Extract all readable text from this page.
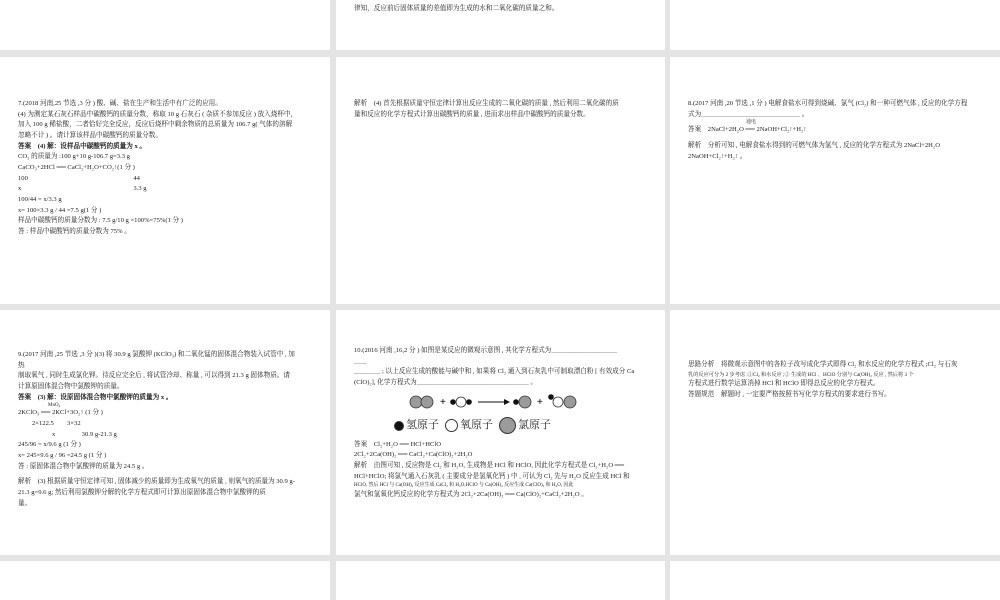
律知，反应前后固体质量的差值即为生成的水和二氧化碳的质量之和。
7.(2018 河南,25 节选 ,3 分 ) 酸、碱、盐在生产和生活中有广泛的应用。
(4) 为测定某石灰石样品中碳酸钙的质量分数，称取 10 g 石灰石 ( 杂质不参加反应 ) 放入烧杯中，
加入 100 g 稀盐酸，二者恰好完全反应，反应后烧杯中剩余物质的总质量为 106.7 g( 气体的溶解
忽略不计 ) 。请计算该样品中碳酸钙的质量分数。
答案　(4) 解：设样品中碳酸钙的质量为 x 。
CO₂ 的质量为 :100 g+10 g-106.7 g=3.3 g
CaCO₃+2HCl ══ CaCl₂+H₂O+CO₂↑(1 分 )
100　　　　　　　　　　　　　　　　44
x　　　　　　　　　　　　　　　　　3.3 g
100/44 = x/3.3 g
x= 100×3.3 g / 44 =7.5 g(1 分 )
样品中碳酸钙的质量分数为 : 7.5 g/10 g ×100%=75%(1 分 )
答 : 样品中碳酸钙的质量分数为 75% 。
解析　(4) 首先根据质量守恒定律计算出反应生成的二氧化碳的质量 , 然后利用二氧化碳的质
量和反应的化学方程式计算出碳酸钙的质量 , 进而求出样品中碳酸钙的质量分数。
8.(2017 河南 ,20 节选 ,1 分 ) 电解食盐水可得到烧碱、氯气 (Cl₂) 和一种可燃气体 , 反应的化学方程
式为＿＿＿＿＿＿＿＿＿＿＿＿＿＿＿ 。
通电
答案　2NaCl+2H₂O ══ 2NaOH+Cl₂↑+H₂↑
解析　分析可知 , 电解食盐水得到的可燃气体为氢气 , 反应的化学方程式为 2NaCl+2H₂O
2NaOH+Cl₂↑+H₂↑ 。
9.(2017 河南 ,25 节选 ,3 分 )(3) 将 30.9 g 氯酸钾 (KClO₃) 和二氧化锰的固体混合物装入试管中 , 加
热
制取氧气 , 同时生成氯化钾。待反应完全后 , 将试管冷却、称量 , 可以得到 21.3 g 固体物质。请
计算原固体混合物中氯酸钾的质量。
答案　(3) 解：设原固体混合物中氯酸钾的质量为 x 。
MnO₂
2KClO₃ ══ 2KCl+3O₂↑ (1 分 )
2×122.5　　3×32
x　　　　30.9 g-21.3 g
245/96 = x/9.6 g (1 分 )
x= 245×9.6 g / 96 =24.5 g (1 分 )
答 : 原固体混合物中氯酸钾的质量为 24.5 g 。
解析　(3) 根据质量守恒定律可知 , 固体减少的质量即为生成氧气的质量 , 则氧气的质量为 30.9 g-
21.3 g=9.6 g; 然后利用氯酸钾分解的化学方程式即可计算出原固体混合物中氯酸钾的质
量。
10.(2016 河南 ,16,2 分 ) 如图是某反应的微观示意图 , 其化学方程式为＿＿＿＿＿＿＿＿＿＿
＿＿
＿＿＿＿ ; 以上反应生成的酸能与碱中和 , 如果将 Cl₂ 通入到石灰乳中可制取漂白粉 [ 有效成分 Ca
(ClO)₂], 化学方程式为＿＿＿＿＿＿＿＿＿＿＿＿＿＿＿＿＿ 。
+	+
氢原子 氧原子 氯原子
答案　Cl₂+H₂O ══ HCl+HClO
2Cl₂+2Ca(OH)₂ ══ CaCl₂+Ca(ClO)₂+2H₂O
解析　由图可知 , 反应物是 Cl₂ 和 H₂O, 生成物是 HCl 和 HClO, 因此化学方程式是 Cl₂+H₂O ══
HCl+HClO; 将氯气通入石灰乳 ( 主要成分是氢氧化钙 ) 中 , 可认为 Cl₂ 先与 H₂O 反应生成 HCl 和
HClO, 然后 HCl 与 Ca(OH)₂ 反应生成 CaCl₂ 和 H₂O,HClO 与 Ca(OH)₂ 反应生成 Ca(ClO)₂ 和 H₂O, 因此
氯气和氢氧化钙反应的化学方程式为 2Cl₂+2Ca(OH)₂ ══ Ca(ClO)₂+CaCl₂+2H₂O 。
思路分析　将微观示意图中的各粒子改写成化学式即得 Cl₂ 和水反应的化学方程式 ;Cl₂ 与石灰
乳的反应可分为 2 步考虑 :①Cl₂ 和水反应 ;② 生成的 HCl 、HClO 分别与 Ca(OH)₂ 反应 , 然后将 3 个
方程式进行数学运算消掉 HCl 和 HClO 即得总反应的化学方程式。
答题规范　解题时 , 一定要严格按照书写化学方程式的要求进行书写。
